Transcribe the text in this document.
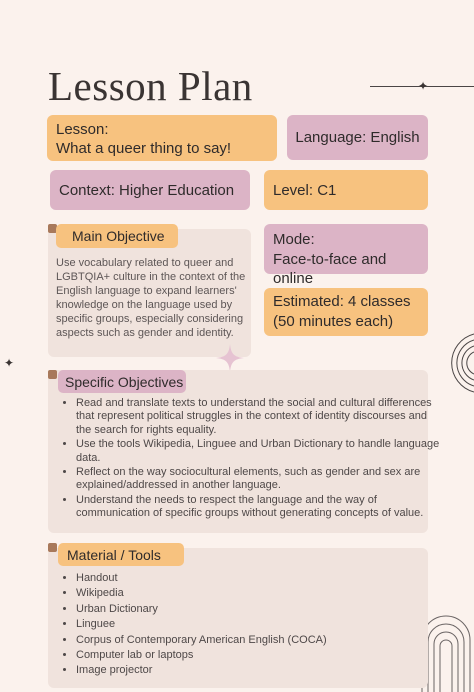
Lesson Plan	✦
Lesson:
What a queer thing to say!
Language: English
Context: Higher Education	Level: C1
Main Objective
Use vocabulary related to queer and LGBTQIA+ culture in the context of the English language to expand learners' knowledge on the language used by specific groups, especially considering aspects such as gender and identity.
Mode:
Face-to-face and online
Estimated: 4 classes
(50 minutes each)
✦
Specific Objectives
• Read and translate texts to understand the social and cultural differences that represent political struggles in the context of identity discourses and the search for rights equality.
• Use the tools Wikipedia, Linguee and Urban Dictionary to handle language data.
• Reflect on the way sociocultural elements, such as gender and sex are explained/addressed in another language.
• Understand the needs to respect the language and the way of communication of specific groups without generating concepts of value.
Material / Tools
• Handout
• Wikipedia
• Urban Dictionary
• Linguee
• Corpus of Contemporary American English (COCA)
• Computer lab or laptops
• Image projector
